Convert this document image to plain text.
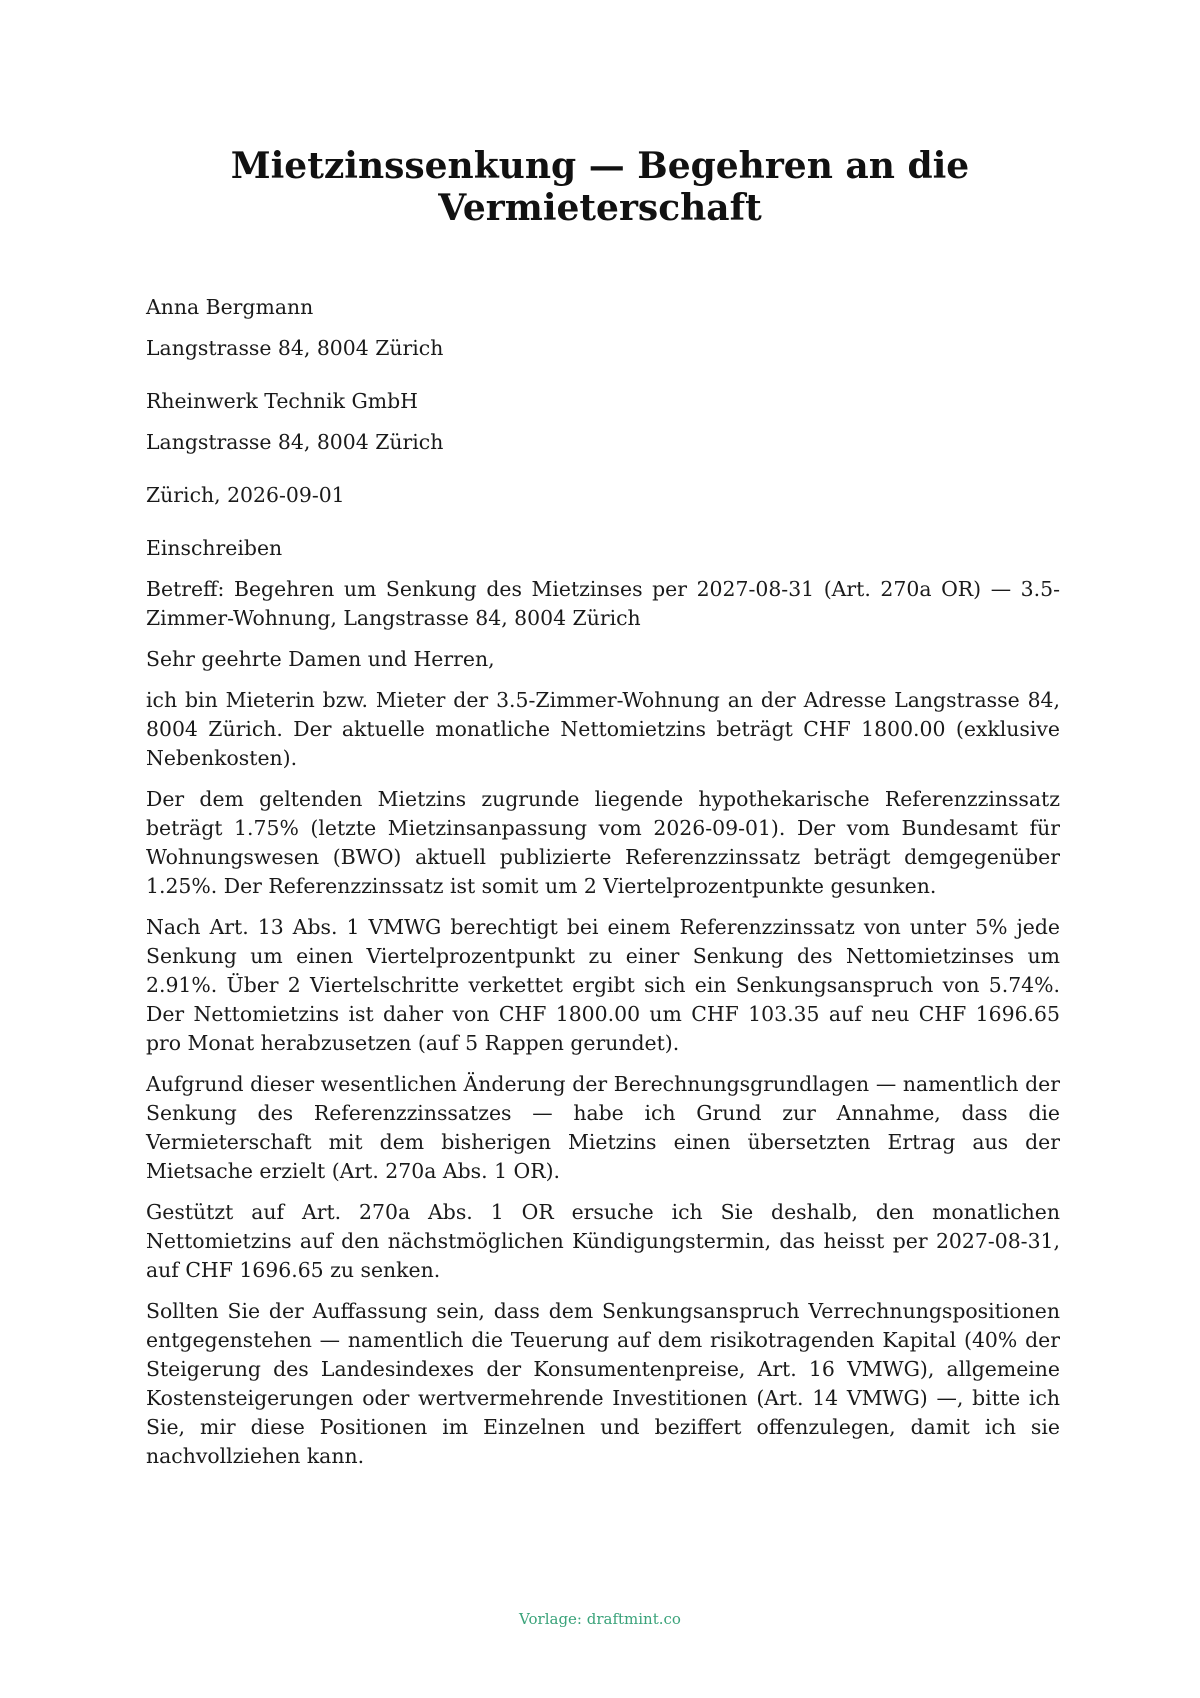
Mietzinssenkung — Begehren an die Vermieterschaft

Anna Bergmann

Langstrasse 84, 8004 Zürich

Rheinwerk Technik GmbH

Langstrasse 84, 8004 Zürich

Zürich, 2026-09-01

Einschreiben

Betreff: Begehren um Senkung des Mietzinses per 2027-08-31 (Art. 270a OR) — 3.5-Zimmer-Wohnung, Langstrasse 84, 8004 Zürich

Sehr geehrte Damen und Herren,

ich bin Mieterin bzw. Mieter der 3.5-Zimmer-Wohnung an der Adresse Langstrasse 84, 8004 Zürich. Der aktuelle monatliche Nettomietzins beträgt CHF 1800.00 (exklusive Nebenkosten).

Der dem geltenden Mietzins zugrunde liegende hypothekarische Referenzzinssatz beträgt 1.75% (letzte Mietzinsanpassung vom 2026-09-01). Der vom Bundesamt für Wohnungswesen (BWO) aktuell publizierte Referenzzinssatz beträgt demgegenüber 1.25%. Der Referenzzinssatz ist somit um 2 Viertelprozentpunkte gesunken.

Nach Art. 13 Abs. 1 VMWG berechtigt bei einem Referenzzinssatz von unter 5% jede Senkung um einen Viertelprozentpunkt zu einer Senkung des Nettomietzinses um 2.91%. Über 2 Viertelschritte verkettet ergibt sich ein Senkungsanspruch von 5.74%. Der Nettomietzins ist daher von CHF 1800.00 um CHF 103.35 auf neu CHF 1696.65 pro Monat herabzusetzen (auf 5 Rappen gerundet).

Aufgrund dieser wesentlichen Änderung der Berechnungsgrundlagen — namentlich der Senkung des Referenzzinssatzes — habe ich Grund zur Annahme, dass die Vermieterschaft mit dem bisherigen Mietzins einen übersetzten Ertrag aus der Mietsache erzielt (Art. 270a Abs. 1 OR).

Gestützt auf Art. 270a Abs. 1 OR ersuche ich Sie deshalb, den monatlichen Nettomietzins auf den nächstmöglichen Kündigungstermin, das heisst per 2027-08-31, auf CHF 1696.65 zu senken.

Sollten Sie der Auffassung sein, dass dem Senkungsanspruch Verrechnungspositionen entgegenstehen — namentlich die Teuerung auf dem risikotragenden Kapital (40% der Steigerung des Landesindexes der Konsumentenpreise, Art. 16 VMWG), allgemeine Kostensteigerungen oder wertvermehrende Investitionen (Art. 14 VMWG) —, bitte ich Sie, mir diese Positionen im Einzelnen und beziffert offenzulegen, damit ich sie nachvollziehen kann.

Vorlage: draftmint.co
